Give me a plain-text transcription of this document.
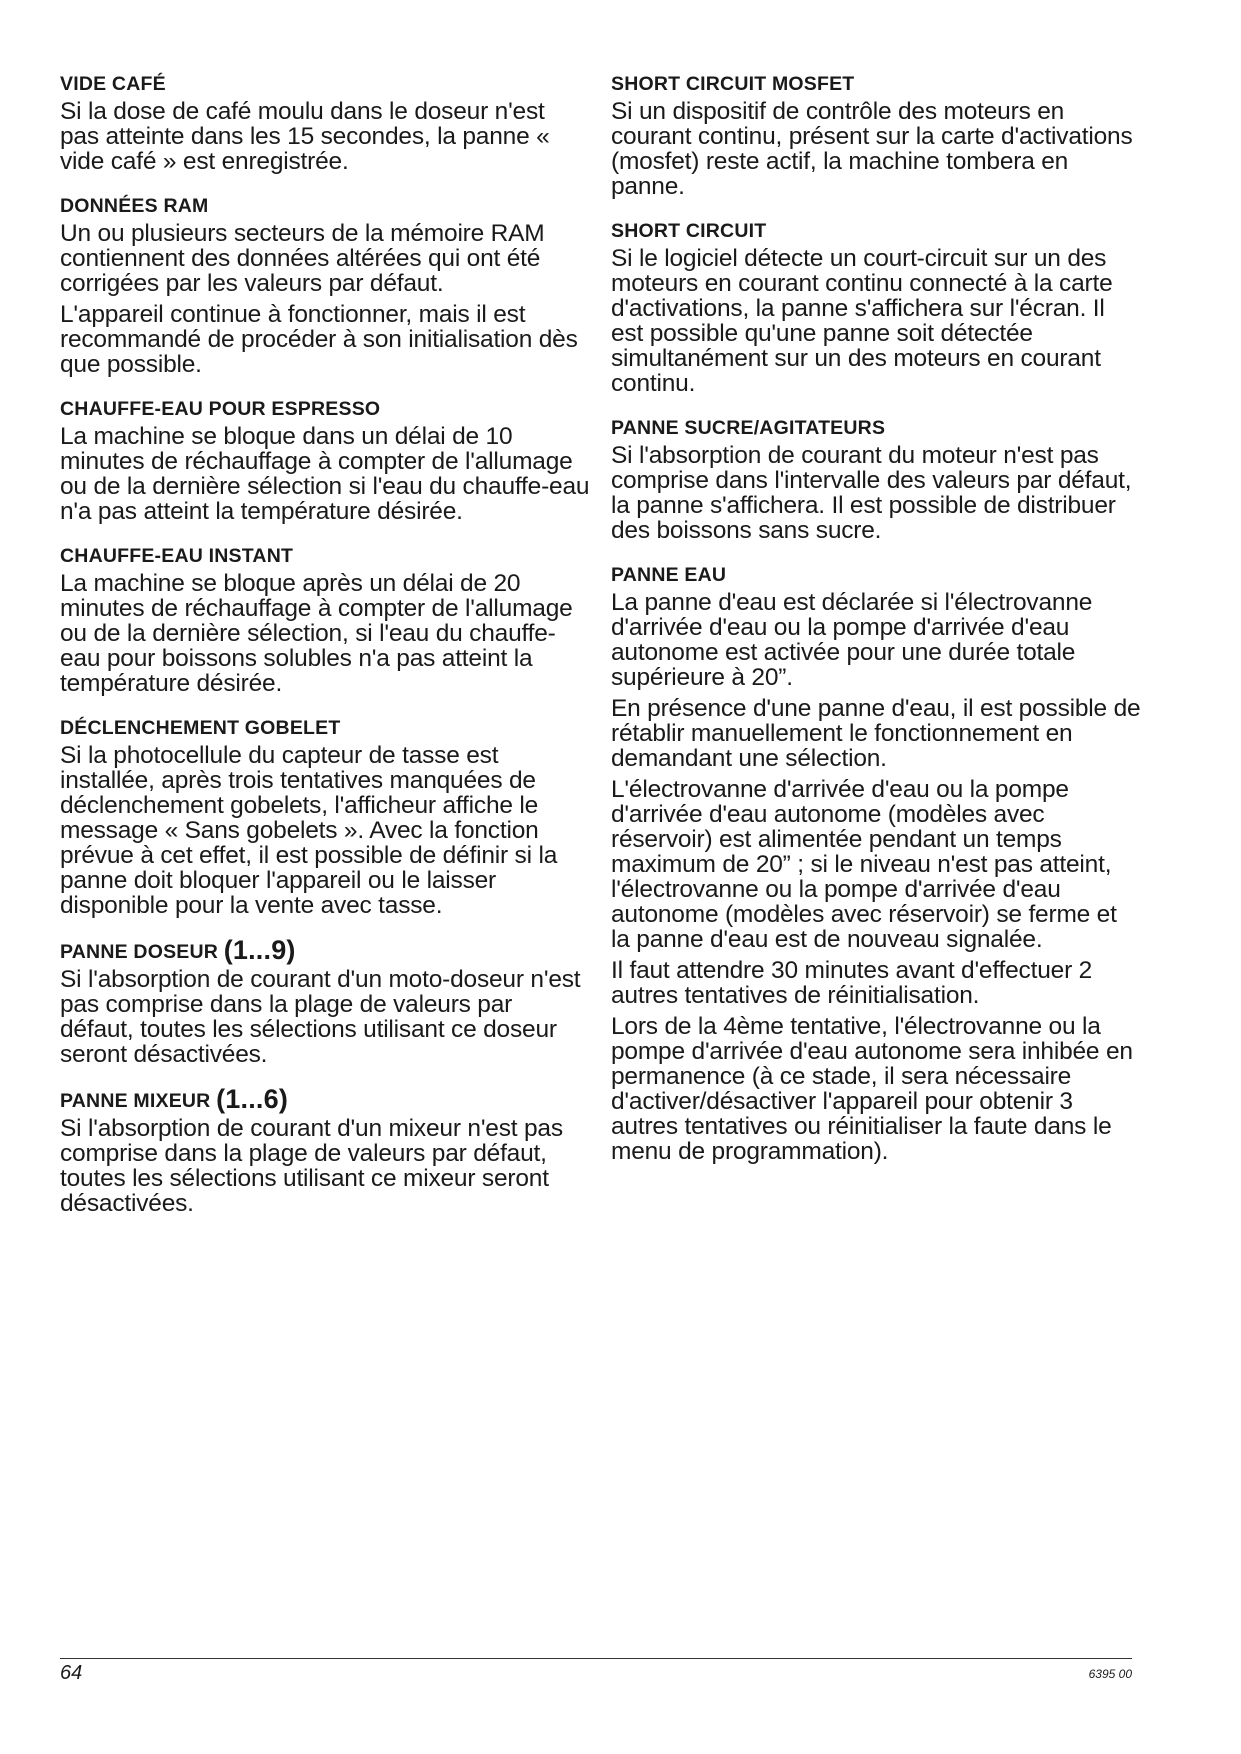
VIDE CAFÉ

Si la dose de café moulu dans le doseur n'est pas atteinte dans les 15 secondes, la panne « vide café » est enregistrée.

DONNÉES RAM

Un ou plusieurs secteurs de la mémoire RAM contiennent des données altérées qui ont été corrigées par les valeurs par défaut.

L'appareil continue à fonctionner, mais il est recommandé de procéder à son initialisation dès que possible.

CHAUFFE-EAU POUR ESPRESSO

La machine se bloque dans un délai de 10 minutes de réchauffage à compter de l'allumage ou de la dernière sélection si l'eau du chauffe-eau n'a pas atteint la température désirée.

CHAUFFE-EAU INSTANT

La machine se bloque après un délai de 20 minutes de réchauffage à compter de l'allumage ou de la dernière sélection, si l'eau du chauffe-eau pour boissons solubles n'a pas atteint la température désirée.

DÉCLENCHEMENT GOBELET

Si la photocellule du capteur de tasse est installée, après trois tentatives manquées de déclenchement gobelets, l'afficheur affiche le message « Sans gobelets ». Avec la fonction prévue à cet effet, il est possible de définir si la panne doit bloquer l'appareil ou le laisser disponible pour la vente avec tasse.

PANNE DOSEUR (1...9)

Si l'absorption de courant d'un moto-doseur n'est pas comprise dans la plage de valeurs par défaut, toutes les sélections utilisant ce doseur seront désactivées.

PANNE MIXEUR (1...6)

Si l'absorption de courant d'un mixeur n'est pas comprise dans la plage de valeurs par défaut, toutes les sélections utilisant ce mixeur seront désactivées.

SHORT CIRCUIT MOSFET

Si un dispositif de contrôle des moteurs en courant continu, présent sur la carte d'activations (mosfet) reste actif, la machine tombera en panne.

SHORT CIRCUIT

Si le logiciel détecte un court-circuit sur un des moteurs en courant continu connecté à la carte d'activations, la panne s'affichera sur l'écran. Il est possible qu'une panne soit détectée simultanément sur un des moteurs en courant continu.

PANNE SUCRE/AGITATEURS

Si l'absorption de courant du moteur n'est pas comprise dans l'intervalle des valeurs par défaut, la panne s'affichera. Il est possible de distribuer des boissons sans sucre.

PANNE EAU

La panne d'eau est déclarée si l'électrovanne d'arrivée d'eau ou la pompe d'arrivée d'eau autonome est activée pour une durée totale supérieure à 20”.

En présence d'une panne d'eau, il est possible de rétablir manuellement le fonctionnement en demandant une sélection.

L'électrovanne d'arrivée d'eau ou la pompe d'arrivée d'eau autonome (modèles avec réservoir) est alimentée pendant un temps maximum de 20” ; si le niveau n'est pas atteint, l'électrovanne ou la pompe d'arrivée d'eau autonome (modèles avec réservoir) se ferme et la panne d'eau est de nouveau signalée.

Il faut attendre 30 minutes avant d'effectuer 2 autres tentatives de réinitialisation.

Lors de la 4ème tentative, l'électrovanne ou la pompe d'arrivée d'eau autonome sera inhibée en permanence (à ce stade, il sera nécessaire d'activer/désactiver l'appareil pour obtenir 3 autres tentatives ou réinitialiser la faute dans le menu de programmation).

64	6395 00
